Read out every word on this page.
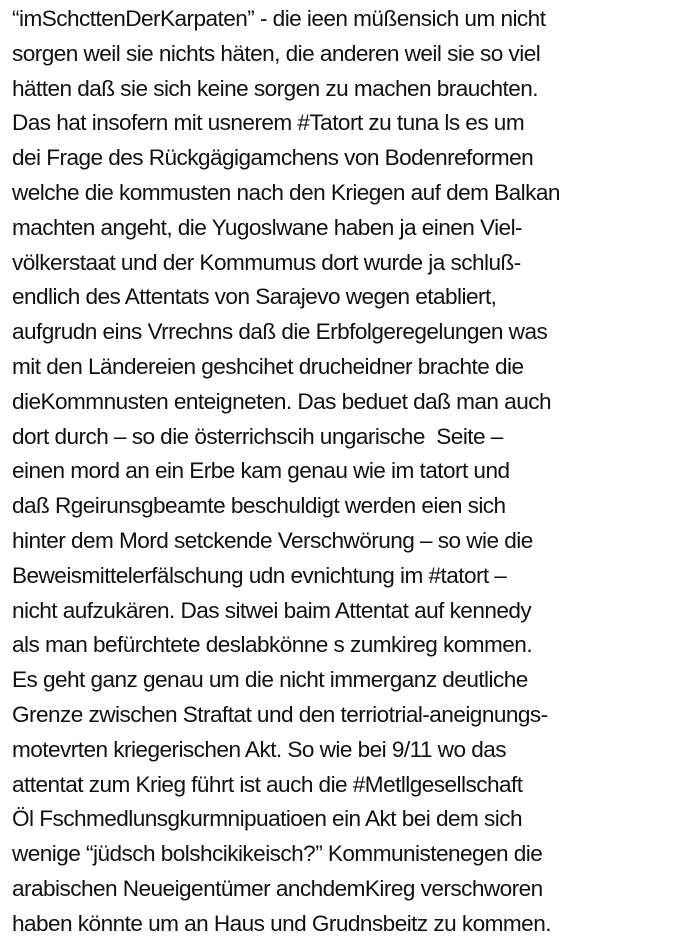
“imSchcttenDerKarpaten” - die ieen müßensich um nicht
sorgen weil sie nichts häten, die anderen weil sie so viel
hätten daß sie sich keine sorgen zu machen brauchten.
Das hat insofern mit usnerem #Tatort zu tuna ls es um
dei Frage des Rückgägigamchens von Bodenreformen
welche die kommusten nach den Kriegen auf dem Balkan
machten angeht, die Yugoslwane haben ja einen Viel-
völkerstaat und der Kommumus dort wurde ja schluß-
endlich des Attentats von Sarajevo wegen etabliert,
aufgrudn eins Vrrechns daß die Erbfolgeregelungen was
mit den Ländereien geshcihet drucheidner brachte die
dieKommnusten enteigneten. Das beduet daß man auch
dort durch – so die österrichscih ungarische  Seite –
einen mord an ein Erbe kam genau wie im tatort und
daß Rgeirunsgbeamte beschuldigt werden eien sich
hinter dem Mord setckende Verschwörung – so wie die
Beweismittelerfälschung udn evnichtung im #tatort –
nicht aufzukären. Das sitwei baim Attentat auf kennedy
als man befürchtete deslabkönne s zumkireg kommen.
Es geht ganz genau um die nicht immerganz deutliche
Grenze zwischen Straftat und den terriotrial-aneignungs-
motevrten kriegerischen Akt. So wie bei 9/11 wo das
attentat zum Krieg führt ist auch die #Metllgesellschaft
Öl Fschmedlunsgkurmnipuatioen ein Akt bei dem sich
wenige “jüdsch bolshcikikeisch?” Kommunistenegen die
arabischen Neueigentümer anchdemKireg verschworen
haben könnte um an Haus und Grudnsbeitz zu kommen.
